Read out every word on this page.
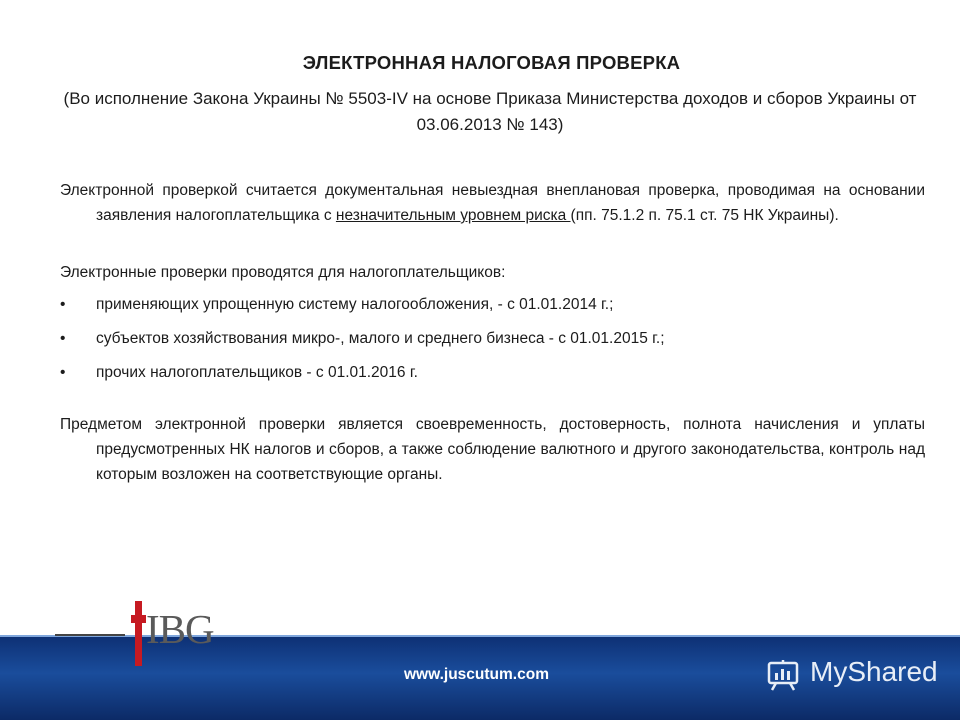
ЭЛЕКТРОННАЯ НАЛОГОВАЯ ПРОВЕРКА
(Во исполнение Закона Украины № 5503-IV на основе Приказа Министерства доходов и сборов Украины от 03.06.2013 № 143)
Электронной проверкой считается документальная невыездная внеплановая проверка, проводимая на основании заявления налогоплательщика с незначительным уровнем риска (пп. 75.1.2 п. 75.1 ст. 75 НК Украины).
Электронные проверки проводятся для налогоплательщиков:
• применяющих упрощенную систему налогообложения, - с 01.01.2014 г.;
• субъектов хозяйствования микро-, малого и среднего бизнеса - с 01.01.2015 г.;
• прочих налогоплательщиков - с 01.01.2016 г.
Предметом электронной проверки является своевременность, достоверность, полнота начисления и уплаты предусмотренных НК налогов и сборов, а также соблюдение валютного и другого законодательства, контроль над которым возложен на соответствующие органы.
www.juscutum.com
IBG
MyShared
